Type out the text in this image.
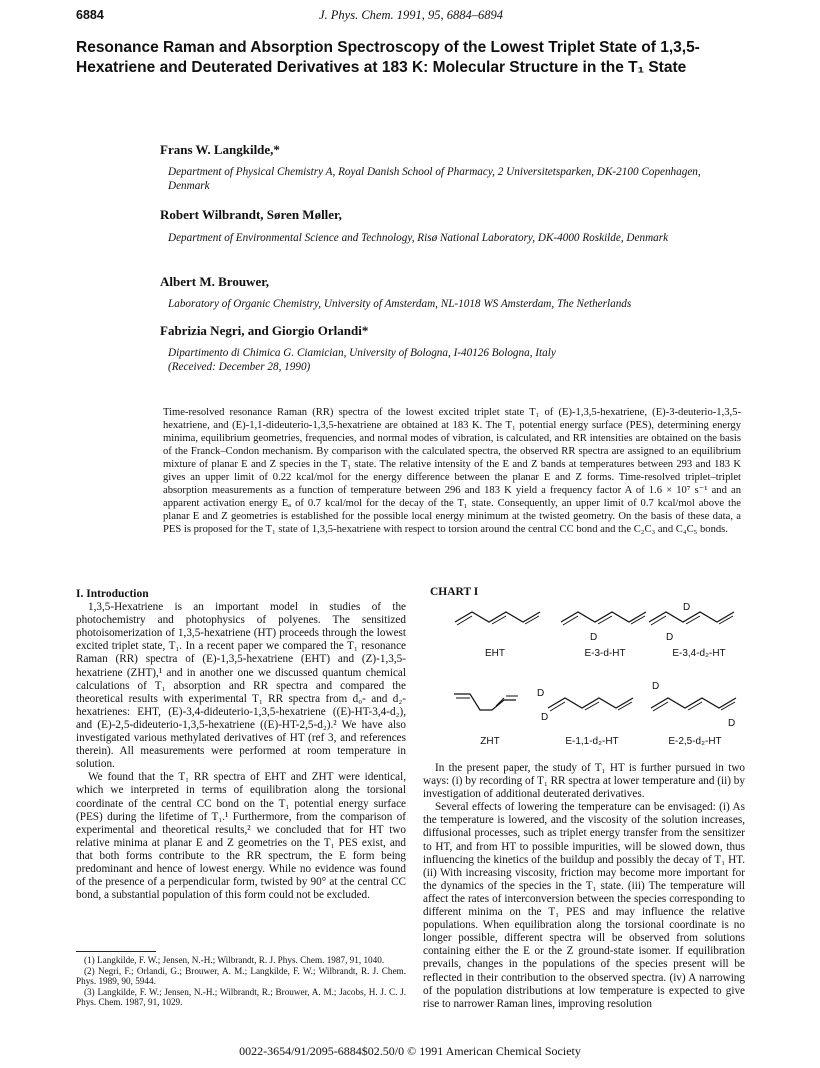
6884	J. Phys. Chem. 1991, 95, 6884–6894
Resonance Raman and Absorption Spectroscopy of the Lowest Triplet State of 1,3,5-Hexatriene and Deuterated Derivatives at 183 K: Molecular Structure in the T₁ State
Frans W. Langkilde,*
Department of Physical Chemistry A, Royal Danish School of Pharmacy, 2 Universitetsparken, DK-2100 Copenhagen, Denmark
Robert Wilbrandt, Søren Møller,
Department of Environmental Science and Technology, Risø National Laboratory, DK-4000 Roskilde, Denmark
Albert M. Brouwer,
Laboratory of Organic Chemistry, University of Amsterdam, NL-1018 WS Amsterdam, The Netherlands
Fabrizia Negri, and Giorgio Orlandi*
Dipartimento di Chimica G. Ciamician, University of Bologna, I-40126 Bologna, Italy
(Received: December 28, 1990)

Time-resolved resonance Raman (RR) spectra of the lowest excited triplet state T₁ of (E)-1,3,5-hexatriene, (E)-3-deuterio-1,3,5-hexatriene, and (E)-1,1-dideuterio-1,3,5-hexatriene are obtained at 183 K. The T₁ potential energy surface (PES), determining energy minima, equilibrium geometries, frequencies, and normal modes of vibration, is calculated, and RR intensities are obtained on the basis of the Franck–Condon mechanism. By comparison with the calculated spectra, the observed RR spectra are assigned to an equilibrium mixture of planar E and Z species in the T₁ state. The relative intensity of the E and Z bands at temperatures between 293 and 183 K gives an upper limit of 0.22 kcal/mol for the energy difference between the planar E and Z forms. Time-resolved triplet–triplet absorption measurements as a function of temperature between 296 and 183 K yield a frequency factor A of 1.6 × 10⁷ s⁻¹ and an apparent activation energy Eₐ of 0.7 kcal/mol for the decay of the T₁ state. Consequently, an upper limit of 0.7 kcal/mol above the planar E and Z geometries is established for the possible local energy minimum at the twisted geometry. On the basis of these data, a PES is proposed for the T₁ state of 1,3,5-hexatriene with respect to torsion around the central CC bond and the C₂C₃ and C₄C₅ bonds.

I. Introduction

1,3,5-Hexatriene is an important model in studies of the photochemistry and photophysics of polyenes. The sensitized photoisomerization of 1,3,5-hexatriene (HT) proceeds through the lowest excited triplet state, T₁. In a recent paper we compared the T₁ resonance Raman (RR) spectra of (E)-1,3,5-hexatriene (EHT) and (Z)-1,3,5-hexatriene (ZHT),¹ and in another one we discussed quantum chemical calculations of T₁ absorption and RR spectra and compared the theoretical results with experimental T₁ RR spectra from d₀- and d₂-hexatrienes: EHT, (E)-3,4-dideuterio-1,3,5-hexatriene ((E)-HT-3,4-d₂), and (E)-2,5-dideuterio-1,3,5-hexatriene ((E)-HT-2,5-d₂).² We have also investigated various methylated derivatives of HT (ref 3, and references therein). All measurements were performed at room temperature in solution.

We found that the T₁ RR spectra of EHT and ZHT were identical, which we interpreted in terms of equilibration along the torsional coordinate of the central CC bond on the T₁ potential energy surface (PES) during the lifetime of T₁.¹ Furthermore, from the comparison of experimental and theoretical results,² we concluded that for HT two relative minima at planar E and Z geometries on the T₁ PES exist, and that both forms contribute to the RR spectrum, the E form being predominant and hence of lowest energy. While no evidence was found of the presence of a perpendicular form, twisted by 90° at the central CC bond, a substantial population of this form could not be excluded.

(1) Langkilde, F. W.; Jensen, N.-H.; Wilbrandt, R. J. Phys. Chem. 1987, 91, 1040.

(2) Negri, F.; Orlandi, G.; Brouwer, A. M.; Langkilde, F. W.; Wilbrandt, R. J. Chem. Phys. 1989, 90, 5944.

(3) Langkilde, F. W.; Jensen, N.-H.; Wilbrandt, R.; Brouwer, A. M.; Jacobs, H. J. C. J. Phys. Chem. 1987, 91, 1029.

CHART I
D
D
D
EHT	E-3-d-HT	E-3,4-d₂-HT
D
D
D
D
ZHT	E-1,1-d₂-HT	E-2,5-d₂-HT

In the present paper, the study of T₁ HT is further pursued in two ways: (i) by recording of T₁ RR spectra at lower temperature and (ii) by investigation of additional deuterated derivatives.

Several effects of lowering the temperature can be envisaged: (i) As the temperature is lowered, and the viscosity of the solution increases, diffusional processes, such as triplet energy transfer from the sensitizer to HT, and from HT to possible impurities, will be slowed down, thus influencing the kinetics of the buildup and possibly the decay of T₁ HT. (ii) With increasing viscosity, friction may become more important for the dynamics of the species in the T₁ state. (iii) The temperature will affect the rates of interconversion between the species corresponding to different minima on the T₁ PES and may influence the relative populations. When equilibration along the torsional coordinate is no longer possible, different spectra will be observed from solutions containing either the E or the Z ground-state isomer. If equilibration prevails, changes in the populations of the species present will be reflected in their contribution to the observed spectra. (iv) A narrowing of the population distributions at low temperature is expected to give rise to narrower Raman lines, improving resolution

0022-3654/91/2095-6884$02.50/0 © 1991 American Chemical Society
